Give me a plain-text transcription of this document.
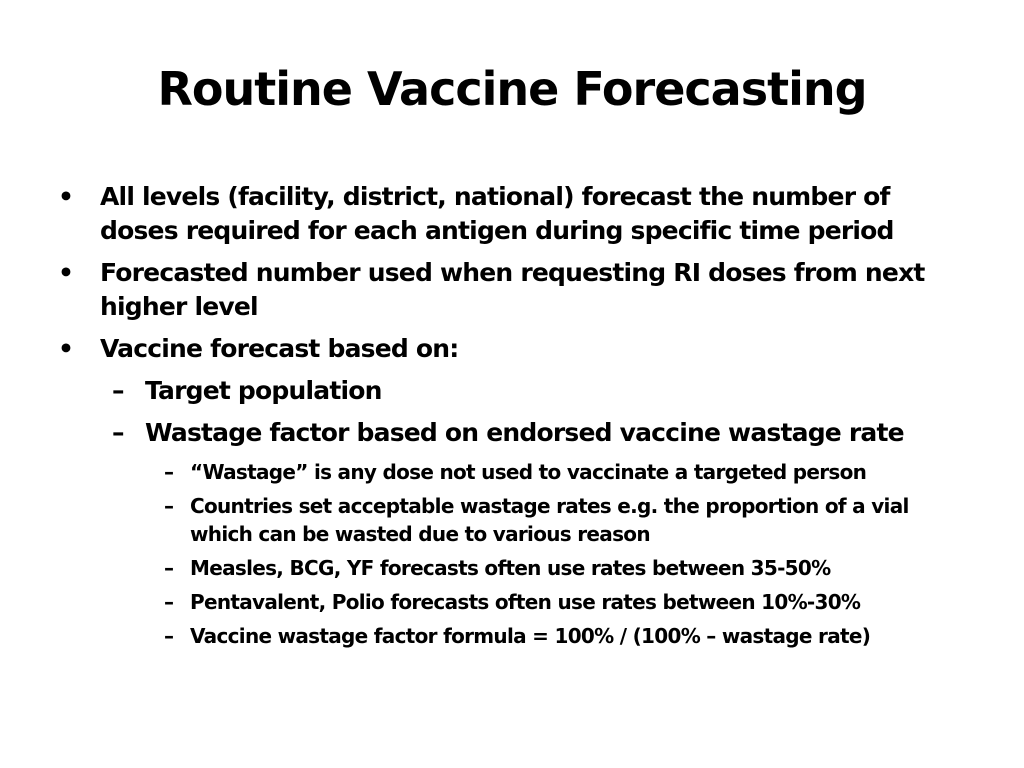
Routine Vaccine Forecasting
• All levels (facility, district, national) forecast the number of doses required for each antigen during specific time period
• Forecasted number used when requesting RI doses from next higher level
• Vaccine forecast based on:
– Target population
– Wastage factor based on endorsed vaccine wastage rate
– “Wastage” is any dose not used to vaccinate a targeted person
– Countries set acceptable wastage rates e.g. the proportion of a vial which can be wasted due to various reason
– Measles, BCG, YF forecasts often use rates between 35-50%
– Pentavalent, Polio forecasts often use rates between 10%-30%
– Vaccine wastage factor formula = 100% / (100% – wastage rate)
